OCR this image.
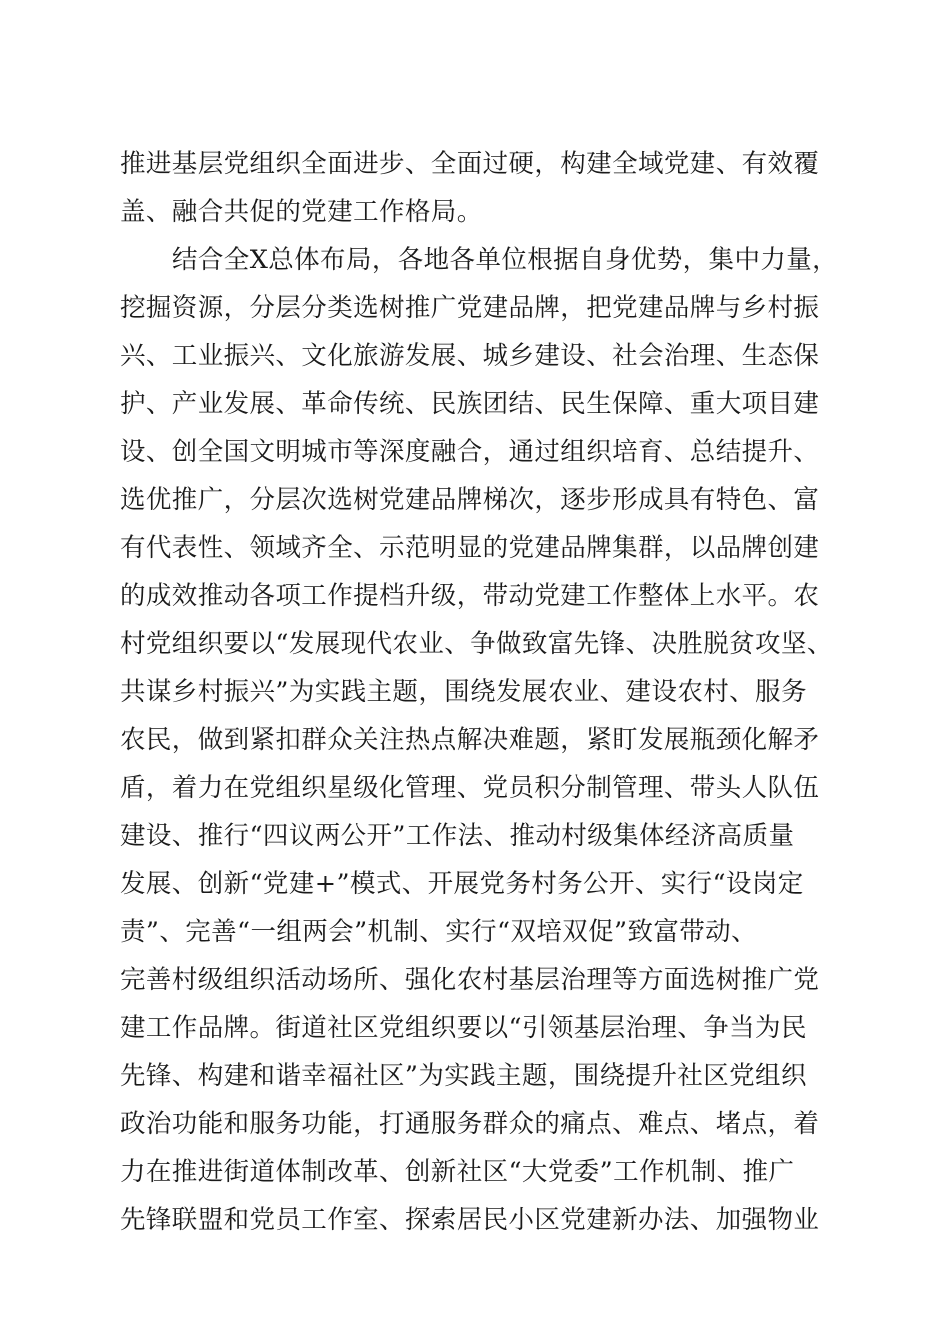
推进基层党组织全面进步、全面过硬，构建全域党建、有效覆
盖、融合共促的党建工作格局。
结合全X总体布局，各地各单位根据自身优势，集中力量，
挖掘资源，分层分类选树推广党建品牌，把党建品牌与乡村振
兴、工业振兴、文化旅游发展、城乡建设、社会治理、生态保
护、产业发展、革命传统、民族团结、民生保障、重大项目建
设、创全国文明城市等深度融合，通过组织培育、总结提升、
选优推广，分层次选树党建品牌梯次，逐步形成具有特色、富
有代表性、领域齐全、示范明显的党建品牌集群，以品牌创建
的成效推动各项工作提档升级，带动党建工作整体上水平。农
村党组织要以“发展现代农业、争做致富先锋、决胜脱贫攻坚、
共谋乡村振兴”为实践主题，围绕发展农业、建设农村、服务
农民，做到紧扣群众关注热点解决难题，紧盯发展瓶颈化解矛
盾，着力在党组织星级化管理、党员积分制管理、带头人队伍
建设、推行“四议两公开”工作法、推动村级集体经济高质量
发展、创新“党建+”模式、开展党务村务公开、实行“设岗定
责”、完善“一组两会”机制、实行“双培双促”致富带动、
完善村级组织活动场所、强化农村基层治理等方面选树推广党
建工作品牌。街道社区党组织要以“引领基层治理、争当为民
先锋、构建和谐幸福社区”为实践主题，围绕提升社区党组织
政治功能和服务功能，打通服务群众的痛点、难点、堵点，着
力在推进街道体制改革、创新社区“大党委”工作机制、推广
先锋联盟和党员工作室、探索居民小区党建新办法、加强物业
